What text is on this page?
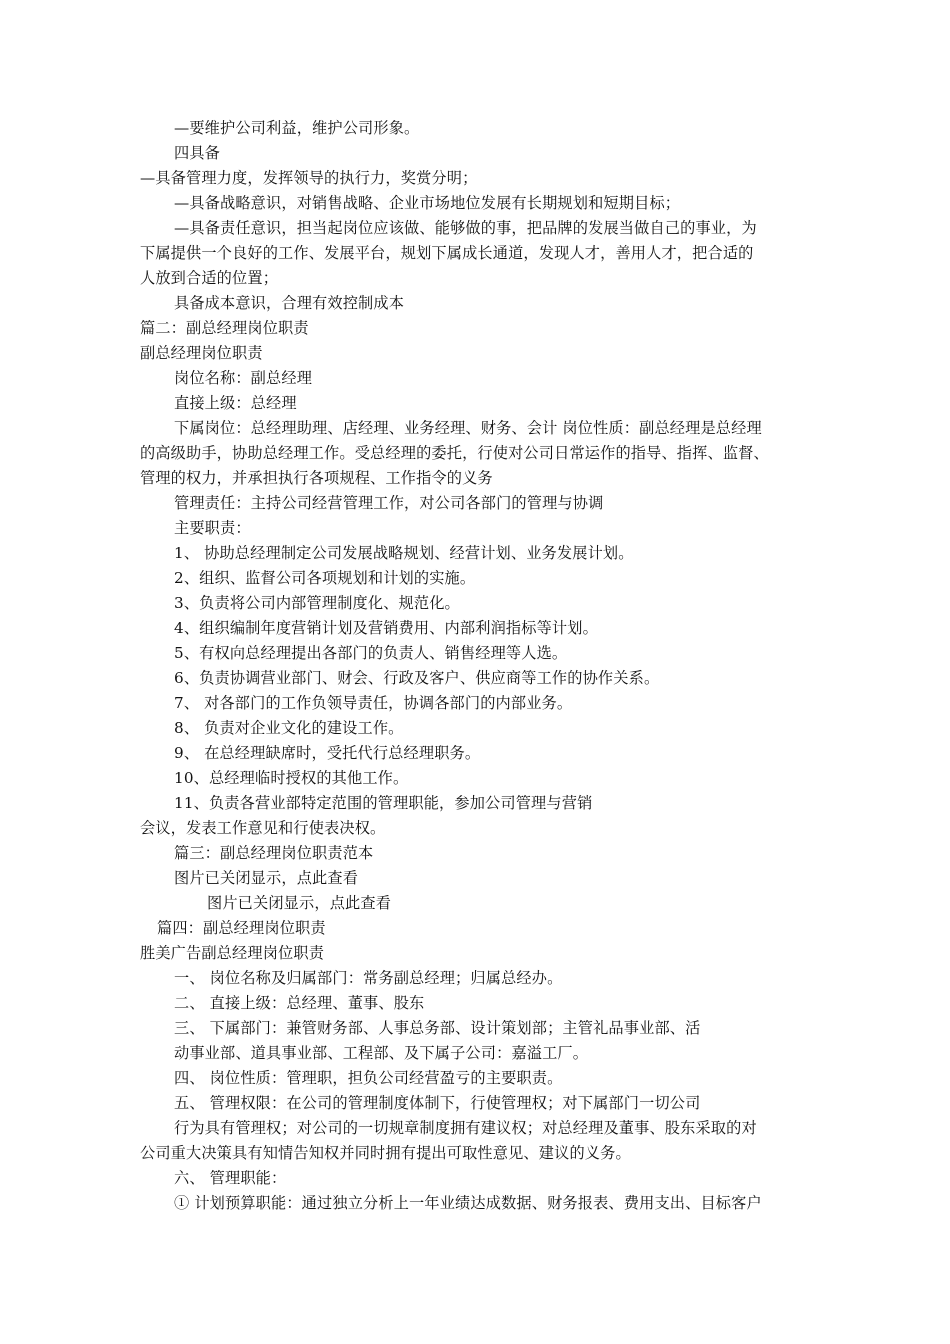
—要维护公司利益，维护公司形象。
四具备
—具备管理力度，发挥领导的执行力，奖赏分明；
—具备战略意识，对销售战略、企业市场地位发展有长期规划和短期目标；
—具备责任意识，担当起岗位应该做、能够做的事，把品牌的发展当做自己的事业，为
下属提供一个良好的工作、发展平台，规划下属成长通道，发现人才，善用人才，把合适的
人放到合适的位置；
具备成本意识，合理有效控制成本
篇二：副总经理岗位职责
副总经理岗位职责
岗位名称：副总经理
直接上级：总经理
下属岗位：总经理助理、店经理、业务经理、财务、会计 岗位性质：副总经理是总经理
的高级助手，协助总经理工作。受总经理的委托，行使对公司日常运作的指导、指挥、监督、
管理的权力，并承担执行各项规程、工作指令的义务
管理责任：主持公司经营管理工作，对公司各部门的管理与协调
主要职责：
1、 协助总经理制定公司发展战略规划、经营计划、业务发展计划。
2、组织、监督公司各项规划和计划的实施。
3、负责将公司内部管理制度化、规范化。
4、组织编制年度营销计划及营销费用、内部利润指标等计划。
5、有权向总经理提出各部门的负责人、销售经理等人选。
6、负责协调营业部门、财会、行政及客户、供应商等工作的协作关系。
7、 对各部门的工作负领导责任，协调各部门的内部业务。
8、 负责对企业文化的建设工作。
9、 在总经理缺席时，受托代行总经理职务。
10、总经理临时授权的其他工作。
11、负责各营业部特定范围的管理职能，参加公司管理与营销
会议，发表工作意见和行使表决权。
篇三：副总经理岗位职责范本
图片已关闭显示，点此查看
图片已关闭显示，点此查看
篇四：副总经理岗位职责
胜美广告副总经理岗位职责
一、 岗位名称及归属部门：常务副总经理；归属总经办。
二、 直接上级：总经理、董事、股东
三、 下属部门：兼管财务部、人事总务部、设计策划部；主管礼品事业部、活
动事业部、道具事业部、工程部、及下属子公司：嘉溢工厂。
四、 岗位性质：管理职，担负公司经营盈亏的主要职责。
五、 管理权限：在公司的管理制度体制下，行使管理权；对下属部门一切公司
行为具有管理权；对公司的一切规章制度拥有建议权；对总经理及董事、股东采取的对
公司重大决策具有知情告知权并同时拥有提出可取性意见、建议的义务。
六、 管理职能：
① 计划预算职能：通过独立分析上一年业绩达成数据、财务报表、费用支出、目标客户
